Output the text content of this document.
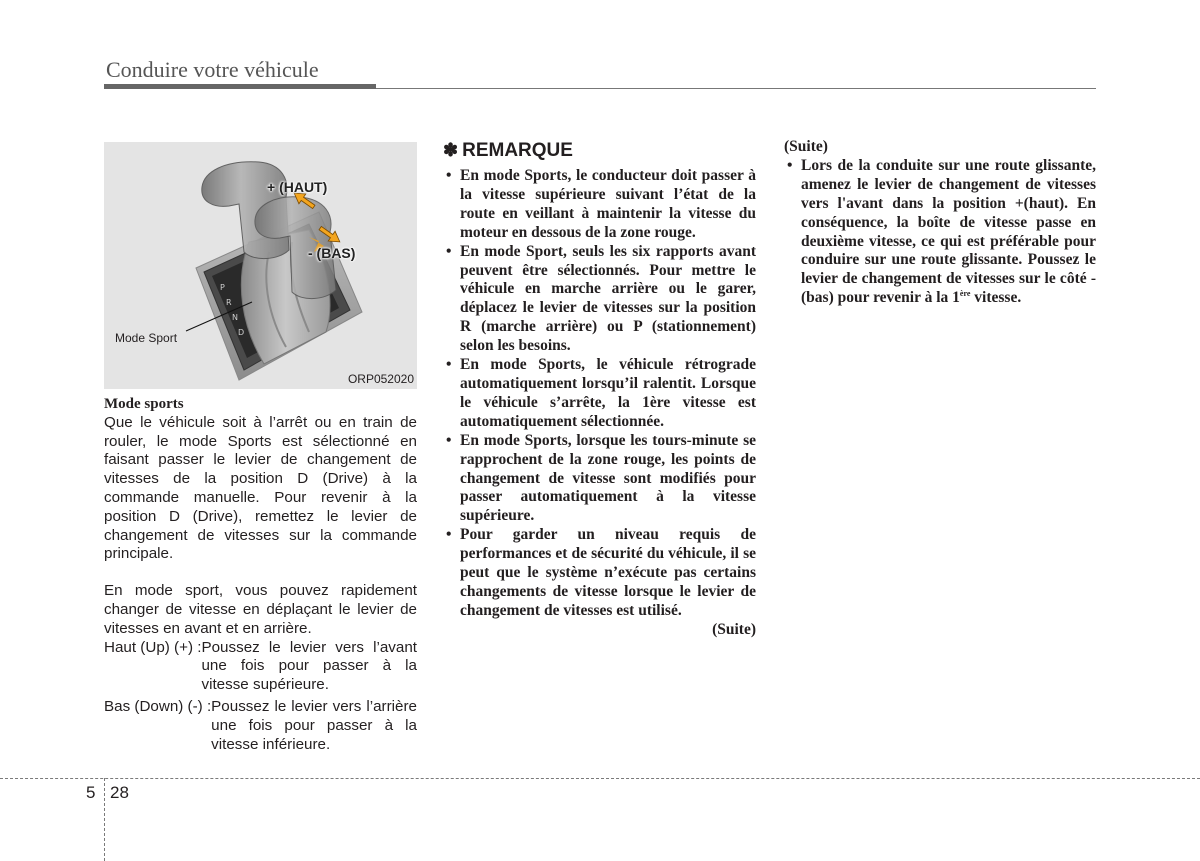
Conduire votre véhicule
P
R
N
D
+ (HAUT)
- (BAS)
Mode Sport
ORP052020
Mode sports

Que le véhicule soit à l’arrêt ou en train de rouler, le mode Sports est sélectionné en faisant passer le levier de changement de vitesses de la position D (Drive) à la commande manuelle. Pour revenir à la position D (Drive), remettez le levier de changement de vitesses sur la commande principale.

En mode sport, vous pouvez rapidement changer de vitesse en déplaçant le levier de vitesses en avant et en arrière.

Haut (Up) (+) : Poussez le levier vers l’avant une fois pour passer à la vitesse supérieure.
Bas (Down) (-) : Poussez le levier vers l’arrière une fois pour passer à la vitesse inférieure.
✽ REMARQUE
• En mode Sports, le conducteur doit passer à la vitesse supérieure suivant l’état de la route en veillant à maintenir la vitesse du moteur en dessous de la zone rouge.
• En mode Sport, seuls les six rapports avant peuvent être sélectionnés. Pour mettre le véhicule en marche arrière ou le garer, déplacez le levier de vitesses sur la position R (marche arrière) ou P (stationnement) selon les besoins.
• En mode Sports, le véhicule rétrograde automatiquement lorsqu’il ralentit. Lorsque le véhicule s’arrête, la 1ère vitesse est automatiquement sélectionnée.
• En mode Sports, lorsque les tours-minute se rapprochent de la zone rouge, les points de changement de vitesse sont modifiés pour passer automatiquement à la vitesse supérieure.
• Pour garder un niveau requis de performances et de sécurité du véhicule, il se peut que le système n’exécute pas certains changements de vitesse lorsque le levier de changement de vitesses est utilisé.
(Suite)
(Suite)
• Lors de la conduite sur une route glissante, amenez le levier de changement de vitesses vers l'avant dans la position +(haut). En conséquence, la boîte de vitesse passe en deuxième vitesse, ce qui est préférable pour conduire sur une route glissante. Poussez le levier de changement de vitesses sur le côté -(bas) pour revenir à la 1ère vitesse.
5 28
